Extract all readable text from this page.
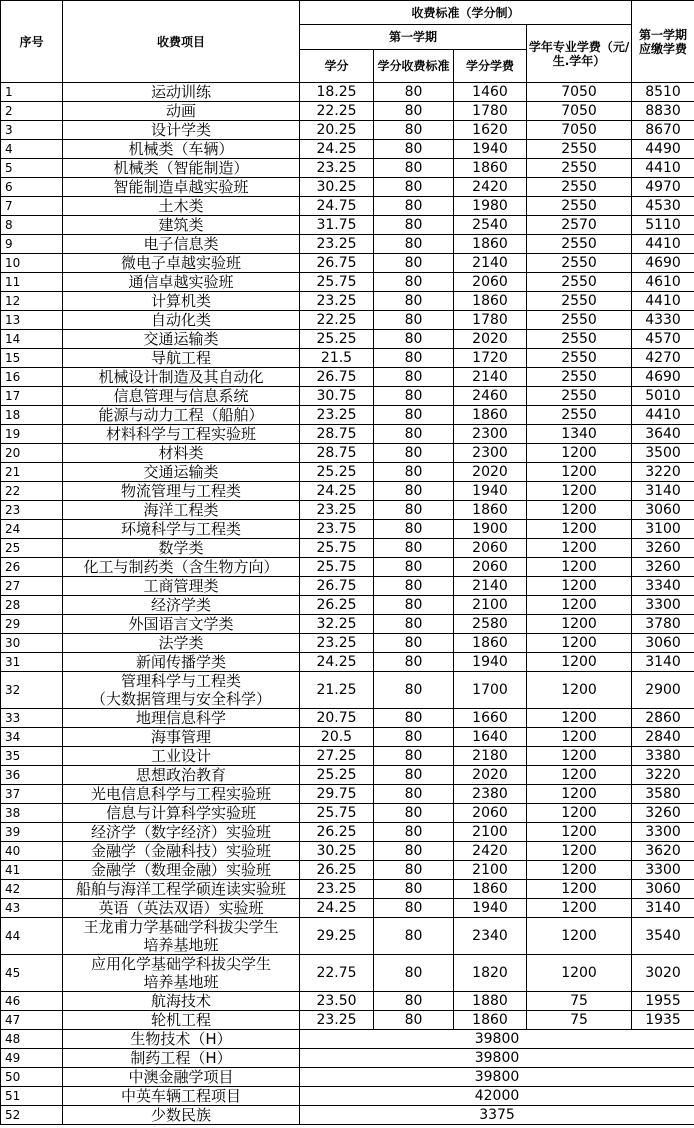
序号	收费项目	收费标准（学分制）				第一学期应缴学费
		第一学期			学年专业学费（元/生.学年）	
		学分	学分收费标准	学分学费		
1	运动训练	18.25	80	1460	7050	8510
2	动画	22.25	80	1780	7050	8830
3	设计学类	20.25	80	1620	7050	8670
4	机械类（车辆）	24.25	80	1940	2550	4490
5	机械类（智能制造）	23.25	80	1860	2550	4410
6	智能制造卓越实验班	30.25	80	2420	2550	4970
7	土木类	24.75	80	1980	2550	4530
8	建筑类	31.75	80	2540	2570	5110
9	电子信息类	23.25	80	1860	2550	4410
10	微电子卓越实验班	26.75	80	2140	2550	4690
11	通信卓越实验班	25.75	80	2060	2550	4610
12	计算机类	23.25	80	1860	2550	4410
13	自动化类	22.25	80	1780	2550	4330
14	交通运输类	25.25	80	2020	2550	4570
15	导航工程	21.5	80	1720	2550	4270
16	机械设计制造及其自动化	26.75	80	2140	2550	4690
17	信息管理与信息系统	30.75	80	2460	2550	5010
18	能源与动力工程（船舶）	23.25	80	1860	2550	4410
19	材料科学与工程实验班	28.75	80	2300	1340	3640
20	材料类	28.75	80	2300	1200	3500
21	交通运输类	25.25	80	2020	1200	3220
22	物流管理与工程类	24.25	80	1940	1200	3140
23	海洋工程类	23.25	80	1860	1200	3060
24	环境科学与工程类	23.75	80	1900	1200	3100
25	数学类	25.75	80	2060	1200	3260
26	化工与制药类（含生物方向）	25.75	80	2060	1200	3260
27	工商管理类	26.75	80	2140	1200	3340
28	经济学类	26.25	80	2100	1200	3300
29	外国语言文学类	32.25	80	2580	1200	3780
30	法学类	23.25	80	1860	1200	3060
31	新闻传播学类	24.25	80	1940	1200	3140
32	管理科学与工程类
（大数据管理与安全科学）	21.25	80	1700	1200	2900
33	地理信息科学	20.75	80	1660	1200	2860
34	海事管理	20.5	80	1640	1200	2840
35	工业设计	27.25	80	2180	1200	3380
36	思想政治教育	25.25	80	2020	1200	3220
37	光电信息科学与工程实验班	29.75	80	2380	1200	3580
38	信息与计算科学实验班	25.75	80	2060	1200	3260
39	经济学（数字经济）实验班	26.25	80	2100	1200	3300
40	金融学（金融科技）实验班	30.25	80	2420	1200	3620
41	金融学（数理金融）实验班	26.25	80	2100	1200	3300
42	船舶与海洋工程学硕连读实验班	23.25	80	1860	1200	3060
43	英语（英法双语）实验班	24.25	80	1940	1200	3140
44	王龙甫力学基础学科拔尖学生
培养基地班	29.25	80	2340	1200	3540
45	应用化学基础学科拔尖学生
培养基地班	22.75	80	1820	1200	3020
46	航海技术	23.50	80	1880	75	1955
47	轮机工程	23.25	80	1860	75	1935
48	生物技术（H）	39800				
49	制药工程（H）	39800				
50	中澳金融学项目	39800				
51	中英车辆工程项目	42000				
52	少数民族	3375				
